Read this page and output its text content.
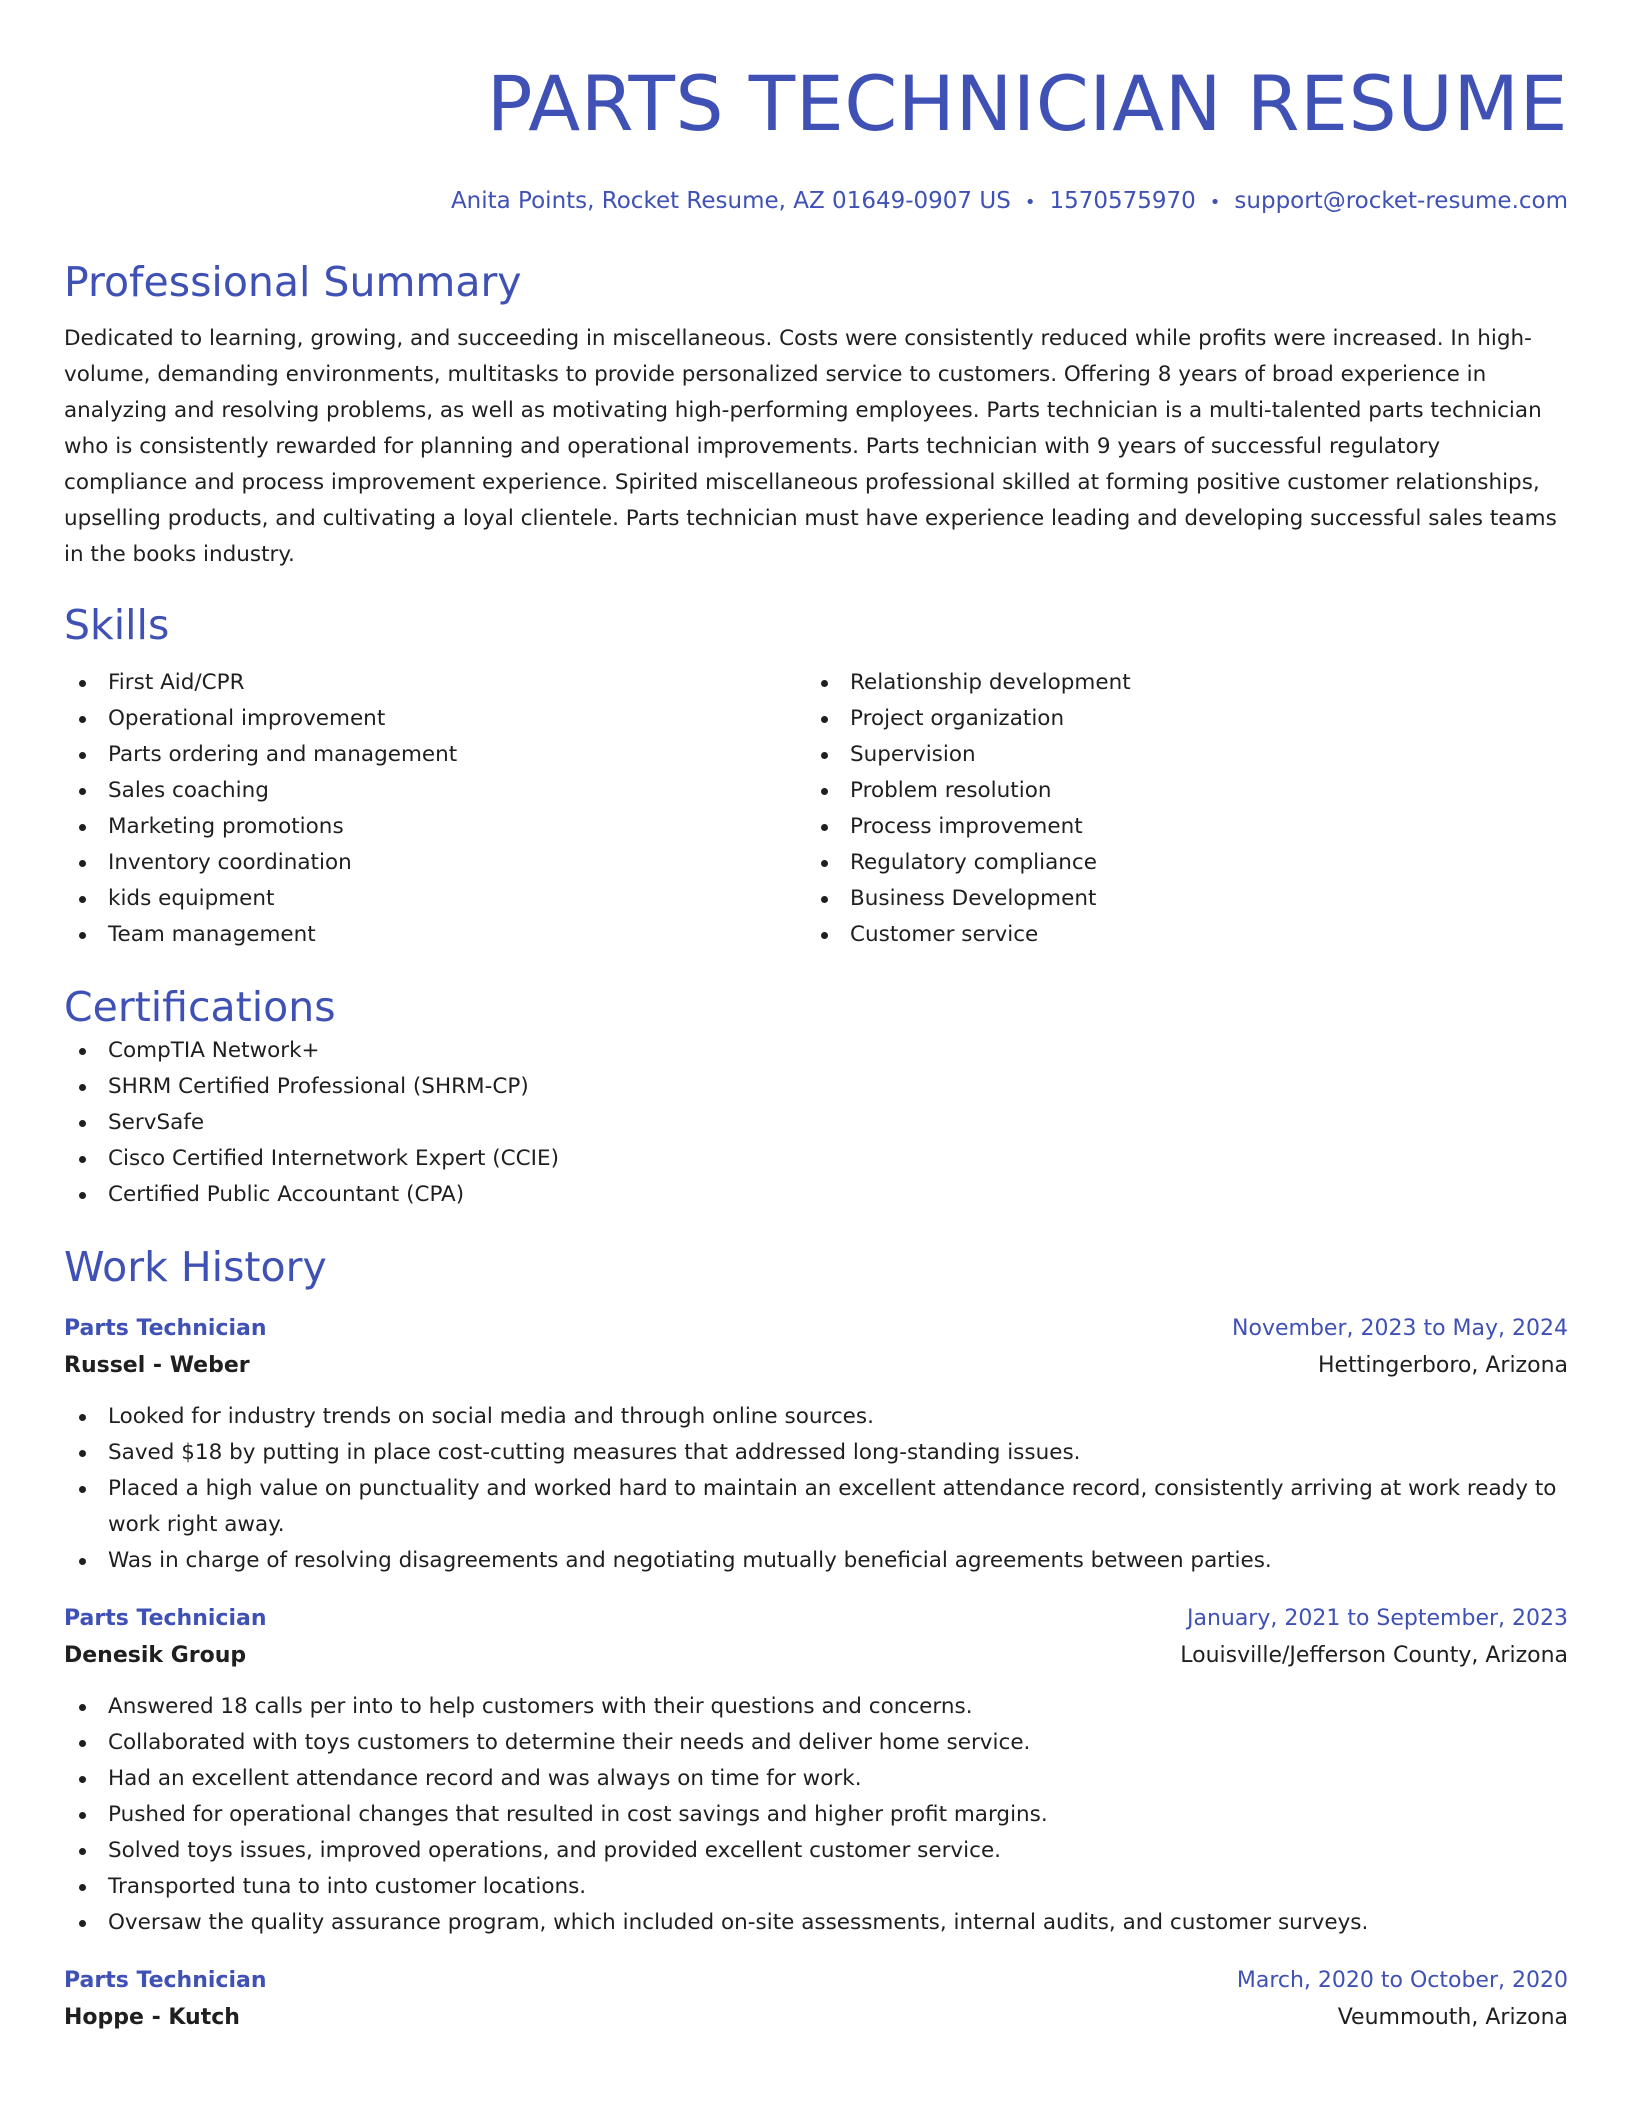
PARTS TECHNICIAN RESUME
Anita Points, Rocket Resume, AZ 01649-0907 US • 1570575970 • support@rocket-resume.com
Professional Summary

Dedicated to learning, growing, and succeeding in miscellaneous. Costs were consistently reduced while profits were increased. In high-volume, demanding environments, multitasks to provide personalized service to customers. Offering 8 years of broad experience in analyzing and resolving problems, as well as motivating high-performing employees. Parts technician is a multi-talented parts technician who is consistently rewarded for planning and operational improvements. Parts technician with 9 years of successful regulatory compliance and process improvement experience. Spirited miscellaneous professional skilled at forming positive customer relationships, upselling products, and cultivating a loyal clientele. Parts technician must have experience leading and developing successful sales teams in the books industry.

Skills
First Aid/CPR
Operational improvement
Parts ordering and management
Sales coaching
Marketing promotions
Inventory coordination
kids equipment
Team management
Relationship development
Project organization
Supervision
Problem resolution
Process improvement
Regulatory compliance
Business Development
Customer service
Certifications
CompTIA Network+
SHRM Certified Professional (SHRM-CP)
ServSafe
Cisco Certified Internetwork Expert (CCIE)
Certified Public Accountant (CPA)
Work History
Parts Technician	November, 2023 to May, 2024
Russel - Weber	Hettingerboro, Arizona
Looked for industry trends on social media and through online sources.
Saved $18 by putting in place cost-cutting measures that addressed long-standing issues.
Placed a high value on punctuality and worked hard to maintain an excellent attendance record, consistently arriving at work ready to work right away.
Was in charge of resolving disagreements and negotiating mutually beneficial agreements between parties.
Parts Technician	January, 2021 to September, 2023
Denesik Group	Louisville/Jefferson County, Arizona
Answered 18 calls per into to help customers with their questions and concerns.
Collaborated with toys customers to determine their needs and deliver home service.
Had an excellent attendance record and was always on time for work.
Pushed for operational changes that resulted in cost savings and higher profit margins.
Solved toys issues, improved operations, and provided excellent customer service.
Transported tuna to into customer locations.
Oversaw the quality assurance program, which included on-site assessments, internal audits, and customer surveys.
Parts Technician	March, 2020 to October, 2020
Hoppe - Kutch	Veummouth, Arizona
